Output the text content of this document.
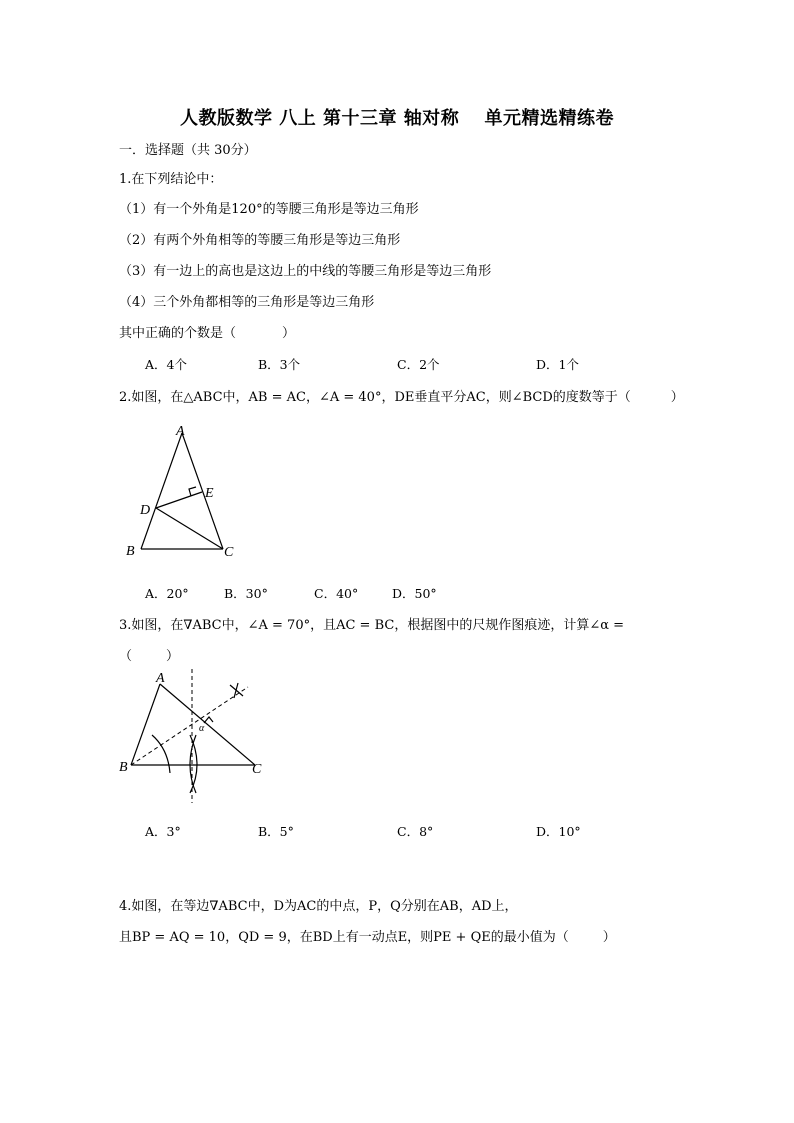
人教版数学 八上 第十三章 轴对称　 单元精选精练卷
一．选择题（共 30分）
1.在下列结论中：
（1）有一个外角是120°的等腰三角形是等边三角形
（2）有两个外角相等的等腰三角形是等边三角形
（3）有一边上的高也是这边上的中线的等腰三角形是等边三角形
（4）三个外角都相等的三角形是等边三角形
其中正确的个数是（	）
A．4个	B．3个	C．2个	D．1个
2.如图，在△ABC中，AB = AC，∠A = 40°，DE垂直平分AC，则∠BCD的度数等于（	）
A
D
E
B	C
A．20°	B．30°	C．40°	D．50°
3.如图，在∇ABC中，∠A = 70°，且AC = BC，根据图中的尺规作图痕迹，计算∠α =
（	）
A
B	C
α
A．3°	B．5°	C．8°	D．10°
4.如图，在等边∇ABC中，D为AC的中点，P，Q分别在AB，AD上，
且BP = AQ = 10，QD = 9，在BD上有一动点E，则PE + QE的最小值为（	）
